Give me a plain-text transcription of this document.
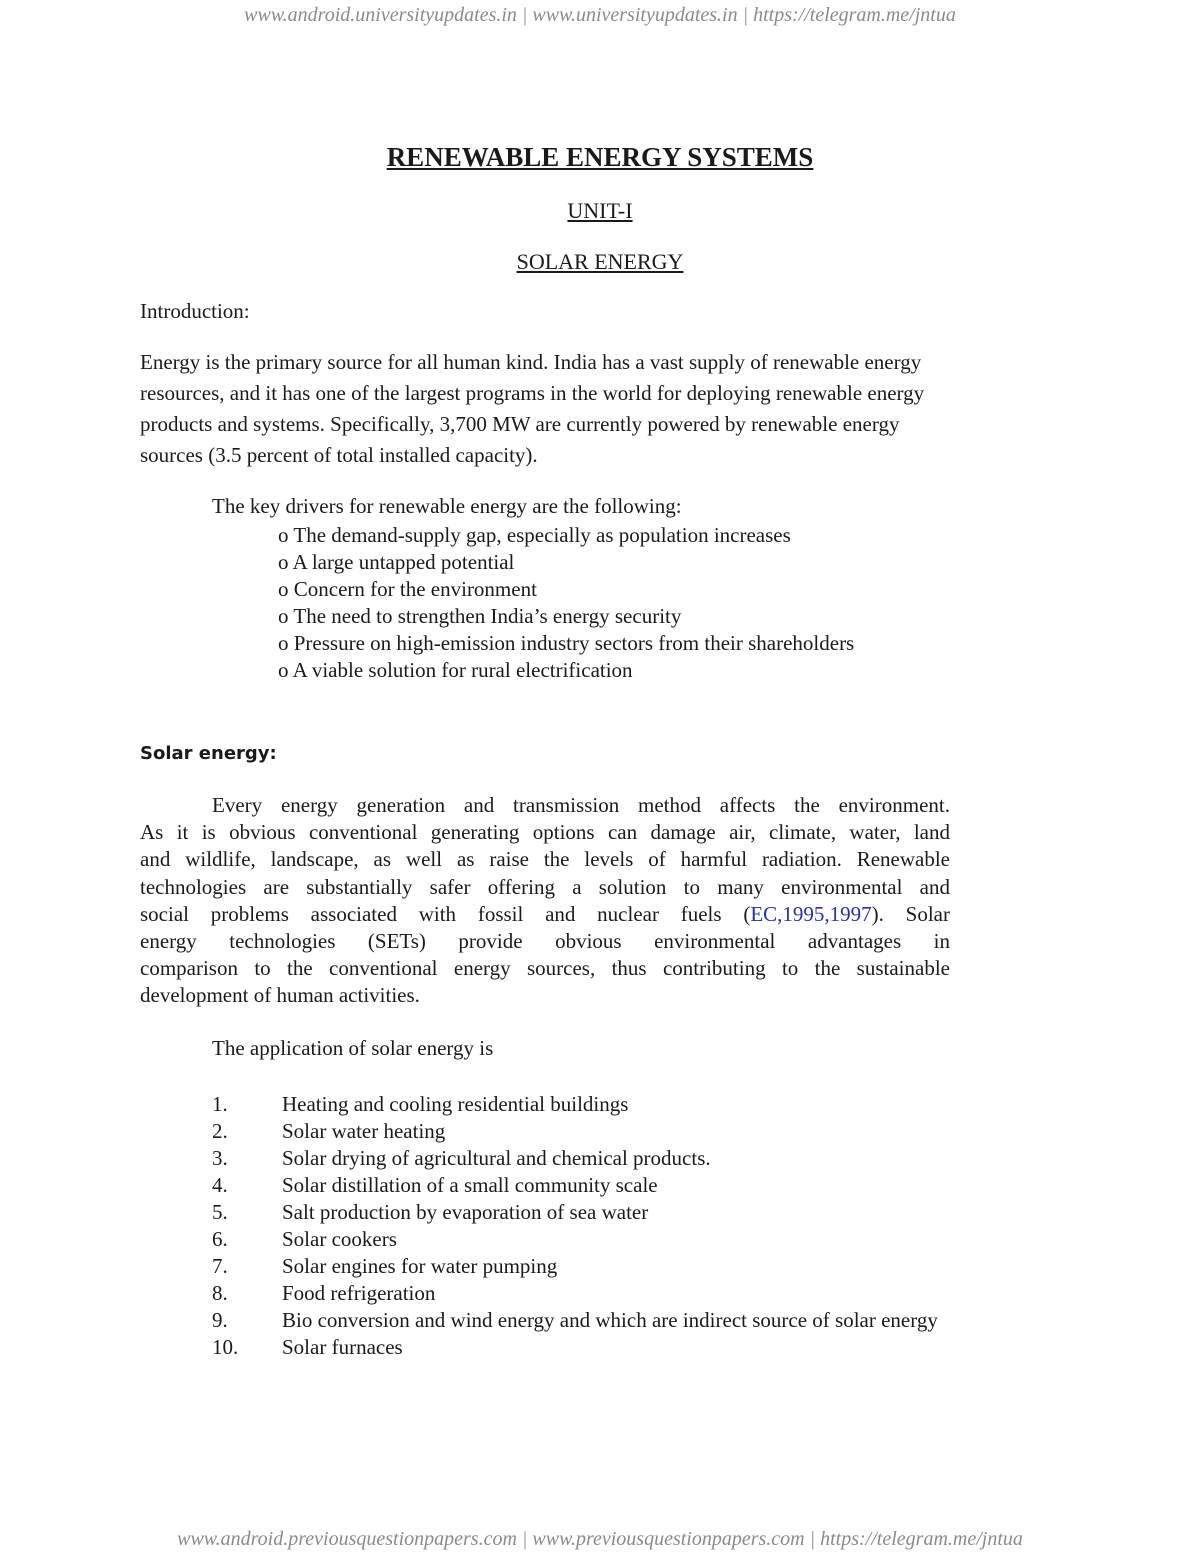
www.android.universityupdates.in | www.universityupdates.in | https://telegram.me/jntua
RENEWABLE ENERGY SYSTEMS
UNIT-I
SOLAR ENERGY
Introduction:
Energy is the primary source for all human kind. India has a vast supply of renewable energy
resources, and it has one of the largest programs in the world for deploying renewable energy
products and systems. Specifically, 3,700 MW are currently powered by renewable energy
sources (3.5 percent of total installed capacity).
The key drivers for renewable energy are the following:
o The demand-supply gap, especially as population increases
o A large untapped potential
o Concern for the environment
o The need to strengthen India’s energy security
o Pressure on high-emission industry sectors from their shareholders
o A viable solution for rural electrification
Solar energy:
Every energy generation and transmission method affects the environment.
As it is obvious conventional generating options can damage air, climate, water, land
and wildlife, landscape, as well as raise the levels of harmful radiation. Renewable
technologies are substantially safer offering a solution to many environmental and
social problems associated with fossil and nuclear fuels (EC,1995,1997). Solar
energy technologies (SETs) provide obvious environmental advantages in
comparison to the conventional energy sources, thus contributing to the sustainable
development of human activities.
The application of solar energy is
1.	Heating and cooling residential buildings
2.	Solar water heating
3.	Solar drying of agricultural and chemical products.
4.	Solar distillation of a small community scale
5.	Salt production by evaporation of sea water
6.	Solar cookers
7.	Solar engines for water pumping
8.	Food refrigeration
9.	Bio conversion and wind energy and which are indirect source of solar energy
10. Solar furnaces
www.android.previousquestionpapers.com | www.previousquestionpapers.com | https://telegram.me/jntua
